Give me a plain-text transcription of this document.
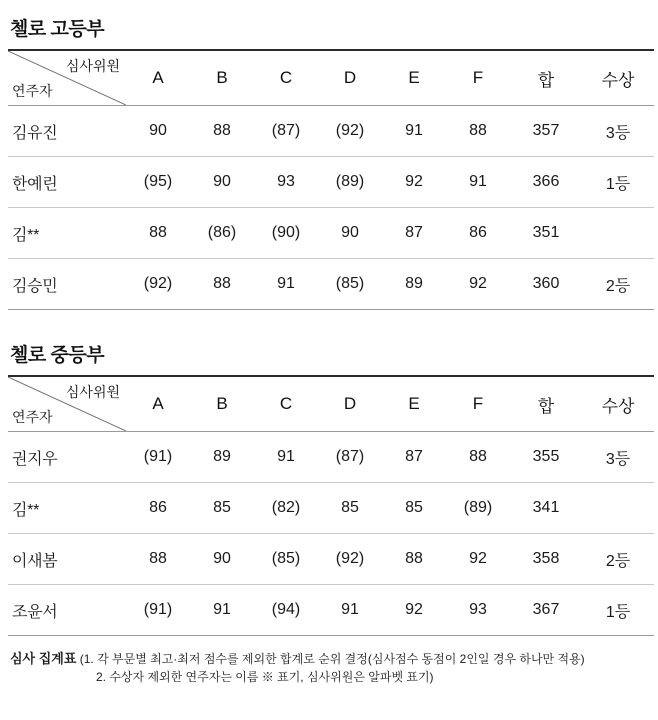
첼로 고등부
심사위원
연주자	A	B	C	D	E	F	합	수상
김유진	90	88	(87)	(92)	91	88	357	3등
한예린	(95)	90	93	(89)	92	91	366	1등
김**	88	(86)	(90)	90	87	86	351	
김승민	(92)	88	91	(85)	89	92	360	2등
첼로 중등부
심사위원
연주자	A	B	C	D	E	F	합	수상
권지우	(91)	89	91	(87)	87	88	355	3등
김**	86	85	(82)	85	85	(89)	341	
이새봄	88	90	(85)	(92)	88	92	358	2등
조윤서	(91)	91	(94)	91	92	93	367	1등
심사 집계표 (1. 각 부문별 최고·최저 점수를 제외한 합계로 순위 결정(심사점수 동점이 2인일 경우 하나만 적용)
2. 수상자 제외한 연주자는 이름 ※ 표기, 심사위원은 알파벳 표기)
